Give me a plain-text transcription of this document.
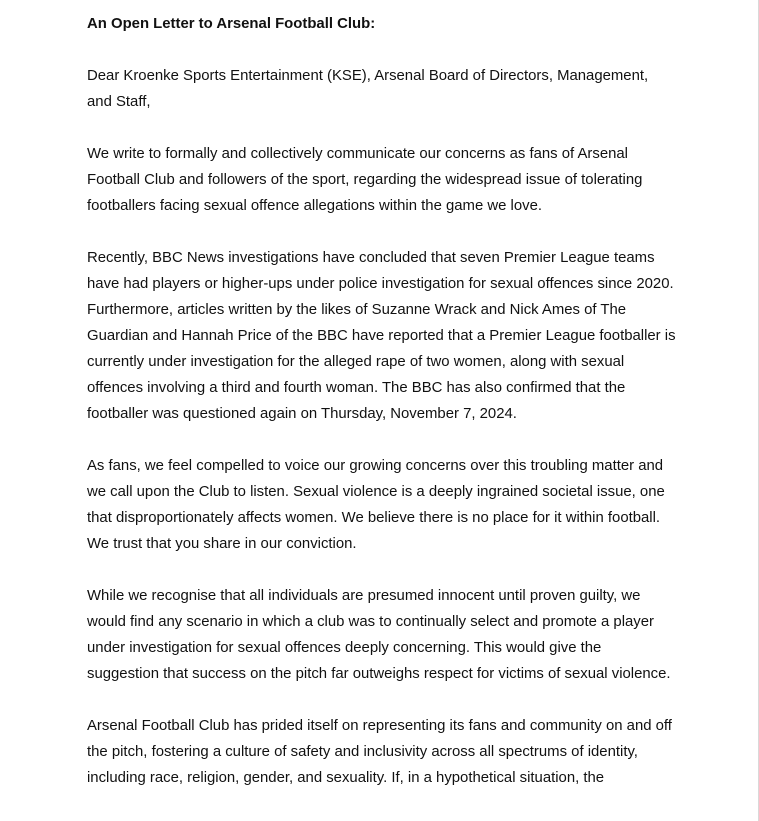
An Open Letter to Arsenal Football Club:

Dear Kroenke Sports Entertainment (KSE), Arsenal Board of Directors, Management, and Staff,

We write to formally and collectively communicate our concerns as fans of Arsenal Football Club and followers of the sport, regarding the widespread issue of tolerating footballers facing sexual offence allegations within the game we love.

Recently, BBC News investigations have concluded that seven Premier League teams have had players or higher-ups under police investigation for sexual offences since 2020. Furthermore, articles written by the likes of Suzanne Wrack and Nick Ames of The Guardian and Hannah Price of the BBC have reported that a Premier League footballer is currently under investigation for the alleged rape of two women, along with sexual offences involving a third and fourth woman. The BBC has also confirmed that the footballer was questioned again on Thursday, November 7, 2024.

As fans, we feel compelled to voice our growing concerns over this troubling matter and we call upon the Club to listen. Sexual violence is a deeply ingrained societal issue, one that disproportionately affects women. We believe there is no place for it within football. We trust that you share in our conviction.

While we recognise that all individuals are presumed innocent until proven guilty, we would find any scenario in which a club was to continually select and promote a player under investigation for sexual offences deeply concerning. This would give the suggestion that success on the pitch far outweighs respect for victims of sexual violence.

Arsenal Football Club has prided itself on representing its fans and community on and off the pitch, fostering a culture of safety and inclusivity across all spectrums of identity, including race, religion, gender, and sexuality. If, in a hypothetical situation, the
